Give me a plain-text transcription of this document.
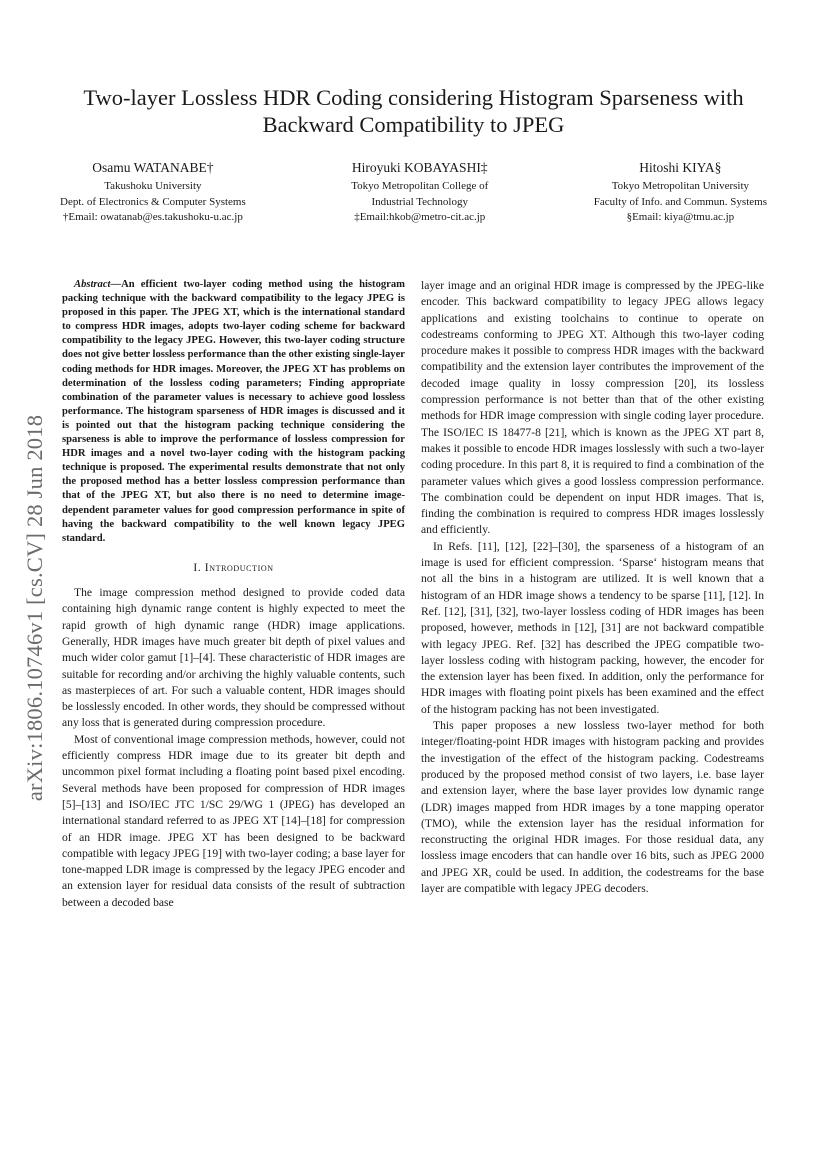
Two-layer Lossless HDR Coding considering Histogram Sparseness with Backward Compatibility to JPEG
Osamu WATANABE†
Takushoku University
Dept. of Electronics & Computer Systems
†Email: owatanab@es.takushoku-u.ac.jp
Hiroyuki KOBAYASHI‡
Tokyo Metropolitan College of
Industrial Technology
‡Email:hkob@metro-cit.ac.jp
Hitoshi KIYA§
Tokyo Metropolitan University
Faculty of Info. and Commun. Systems
§Email: kiya@tmu.ac.jp
arXiv:1806.10746v1 [cs.CV] 28 Jun 2018

Abstract—An efficient two-layer coding method using the histogram packing technique with the backward compatibility to the legacy JPEG is proposed in this paper. The JPEG XT, which is the international standard to compress HDR images, adopts two-layer coding scheme for backward compatibility to the legacy JPEG. However, this two-layer coding structure does not give better lossless performance than the other existing single-layer coding methods for HDR images. Moreover, the JPEG XT has problems on determination of the lossless coding parameters; Finding appropriate combination of the parameter values is necessary to achieve good lossless performance. The histogram sparseness of HDR images is discussed and it is pointed out that the histogram packing technique considering the sparseness is able to improve the performance of lossless compression for HDR images and a novel two-layer coding with the histogram packing technique is proposed. The experimental results demonstrate that not only the proposed method has a better lossless compression performance than that of the JPEG XT, but also there is no need to determine image-dependent parameter values for good compression performance in spite of having the backward compatibility to the well known legacy JPEG standard.

I. Introduction

The image compression method designed to provide coded data containing high dynamic range content is highly expected to meet the rapid growth of high dynamic range (HDR) image applications. Generally, HDR images have much greater bit depth of pixel values and much wider color gamut [1]–[4]. These characteristic of HDR images are suitable for recording and/or archiving the highly valuable contents, such as masterpieces of art. For such a valuable content, HDR images should be losslessly encoded. In other words, they should be compressed without any loss that is generated during compression procedure.

Most of conventional image compression methods, however, could not efficiently compress HDR image due to its greater bit depth and uncommon pixel format including a floating point based pixel encoding. Several methods have been proposed for compression of HDR images [5]–[13] and ISO/IEC JTC 1/SC 29/WG 1 (JPEG) has developed an international standard referred to as JPEG XT [14]–[18] for compression of an HDR image. JPEG XT has been designed to be backward compatible with legacy JPEG [19] with two-layer coding; a base layer for tone-mapped LDR image is compressed by the legacy JPEG encoder and an extension layer for residual data consists of the result of subtraction between a decoded base

layer image and an original HDR image is compressed by the JPEG-like encoder. This backward compatibility to legacy JPEG allows legacy applications and existing toolchains to continue to operate on codestreams conforming to JPEG XT. Although this two-layer coding procedure makes it possible to compress HDR images with the backward compatibility and the extension layer contributes the improvement of the decoded image quality in lossy compression [20], its lossless compression performance is not better than that of the other existing methods for HDR image compression with single coding layer procedure. The ISO/IEC IS 18477-8 [21], which is known as the JPEG XT part 8, makes it possible to encode HDR images losslessly with such a two-layer coding procedure. In this part 8, it is required to find a combination of the parameter values which gives a good lossless compression performance. The combination could be dependent on input HDR images. That is, finding the combination is required to compress HDR images losslessly and efficiently.

In Refs. [11], [12], [22]–[30], the sparseness of a histogram of an image is used for efficient compression. ‘Sparse‘ histogram means that not all the bins in a histogram are utilized. It is well known that a histogram of an HDR image shows a tendency to be sparse [11], [12]. In Ref. [12], [31], [32], two-layer lossless coding of HDR images has been proposed, however, methods in [12], [31] are not backward compatible with legacy JPEG. Ref. [32] has described the JPEG compatible two-layer lossless coding with histogram packing, however, the encoder for the extension layer has been fixed. In addition, only the performance for HDR images with floating point pixels has been examined and the effect of the histogram packing has not been investigated.

This paper proposes a new lossless two-layer method for both integer/floating-point HDR images with histogram packing and provides the investigation of the effect of the histogram packing. Codestreams produced by the proposed method consist of two layers, i.e. base layer and extension layer, where the base layer provides low dynamic range (LDR) images mapped from HDR images by a tone mapping operator (TMO), while the extension layer has the residual information for reconstructing the original HDR images. For those residual data, any lossless image encoders that can handle over 16 bits, such as JPEG 2000 and JPEG XR, could be used. In addition, the codestreams for the base layer are compatible with legacy JPEG decoders.
